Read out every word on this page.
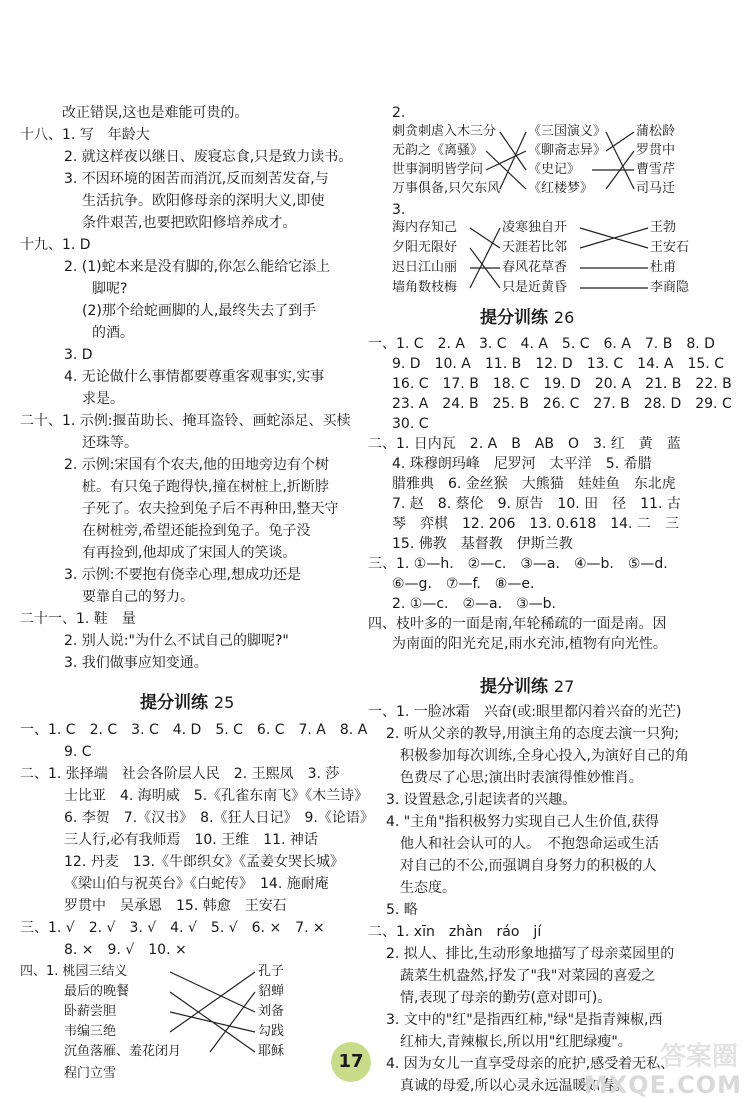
改正错误,这也是难能可贵的。
十八、1. 写　年龄大
2. 就这样夜以继日、废寝忘食,只是致力读书。
3. 不因环境的困苦而消沉,反而刻苦发奋,与
生活抗争。欧阳修母亲的深明大义,即使
条件艰苦,也要把欧阳修培养成才。
十九、1. D
2. (1)蛇本来是没有脚的,你怎么能给它添上
脚呢?
(2)那个给蛇画脚的人,最终失去了到手
的酒。
3. D
4. 无论做什么事情都要尊重客观事实,实事
求是。
二十、1. 示例:揠苗助长、掩耳盗铃、画蛇添足、买椟
还珠等。
2. 示例:宋国有个农夫,他的田地旁边有个树
桩。有只兔子跑得快,撞在树桩上,折断脖
子死了。农夫捡到兔子后不再种田,整天守
在树桩旁,希望还能捡到兔子。兔子没
有再捡到,他却成了宋国人的笑谈。
3. 示例:不要抱有侥幸心理,想成功还是
要靠自己的努力。
二十一、1. 鞋　量
2. 别人说:"为什么不试自己的脚呢?"
3. 我们做事应知变通。
提分训练 25
一、1. C　2. C　3. C　4. D　5. C　6. C　7. A　8. A
9. C
二、1. 张择端　社会各阶层人民　2. 王熙凤　3. 莎
士比亚　4. 海明威　5.《孔雀东南飞》《木兰诗》
6. 李贺　7.《汉书》　8.《狂人日记》　9.《论语》
三人行,必有我师焉　10. 王维　11. 神话
12. 丹麦　13.《牛郎织女》《孟姜女哭长城》
《梁山伯与祝英台》《白蛇传》　14. 施耐庵
罗贯中　吴承恩　15. 韩愈　王安石
三、1. √　2. √　3. √　4. √　5. √　6. ×　7. ×
8. ×　9. √　10. ×
四、1. 桃园三结义
最后的晚餐
卧薪尝胆
韦编三绝
沉鱼落雁、羞花闭月
孔子
貂蝉
刘备
勾践
耶稣
程门立雪
2.
刺贪刺虐入木三分
无韵之《离骚》
世事洞明皆学问
万事俱备,只欠东风
《三国演义》
《聊斋志异》
《史记》
《红楼梦》
蒲松龄
罗贯中
曹雪芹
司马迁
3.
海内存知己
夕阳无限好
迟日江山丽
墙角数枝梅
凌寒独自开
天涯若比邻
春风花草香
只是近黄昏
王勃
王安石
杜甫
李商隐
提分训练 26
一、1. C　2. A　3. C　4. A　5. C　6. A　7. B　8. D
9. D　10. A　11. B　12. D　13. C　14. A　15. C
16. C　17. B　18. C　19. D　20. A　21. B　22. B
23. A　24. B　25. B　26. C　27. B　28. D　29. C
30. C
二、1. 日内瓦　2. A　B　AB　O　3. 红　黄　蓝
4. 珠穆朗玛峰　尼罗河　太平洋　5. 希腊
腊雅典　6. 金丝猴　大熊猫　娃娃鱼　东北虎
7. 赵　8. 蔡伦　9. 原告　10. 田　径　11. 古
琴　弈棋　12. 206　13. 0.618　14. 二　三
15. 佛教　基督教　伊斯兰教
三、1. ①—h.　②—c.　③—a.　④—b.　⑤—d.
⑥—g.　⑦—f.　⑧—e.
2. ①—c.　②—a.　③—b.
四、枝叶多的一面是南,年轮稀疏的一面是南。因
为南面的阳光充足,雨水充沛,植物有向光性。
提分训练 27
一、1. 一脸冰霜　兴奋(或:眼里都闪着兴奋的光芒)
2. 听从父亲的教导,用演主角的态度去演一只狗;
积极参加每次训练,全身心投入,为演好自己的角
色费尽了心思;演出时表演得惟妙惟肖。
3. 设置悬念,引起读者的兴趣。
4. "主角"指积极努力实现自己人生价值,获得
他人和社会认可的人。　不抱怨命运或生活
对自己的不公,而强调自身努力的积极的人
生态度。
5. 略
二、1. xīn　zhàn　ráo　jí
2. 拟人、排比,生动形象地描写了母亲菜园里的
蔬菜生机盎然,抒发了"我"对菜园的喜爱之
情,表现了母亲的勤劳(意对即可)。
3. 文中的"红"是指西红柿,"绿"是指青辣椒,西
红柿大,青辣椒长,所以用"红肥绿瘦"。
4. 因为女儿一直享受母亲的庇护,感受着无私、
真诚的母爱,所以心灵永远温暖如春。
17	答案圈
MXQE.COM
